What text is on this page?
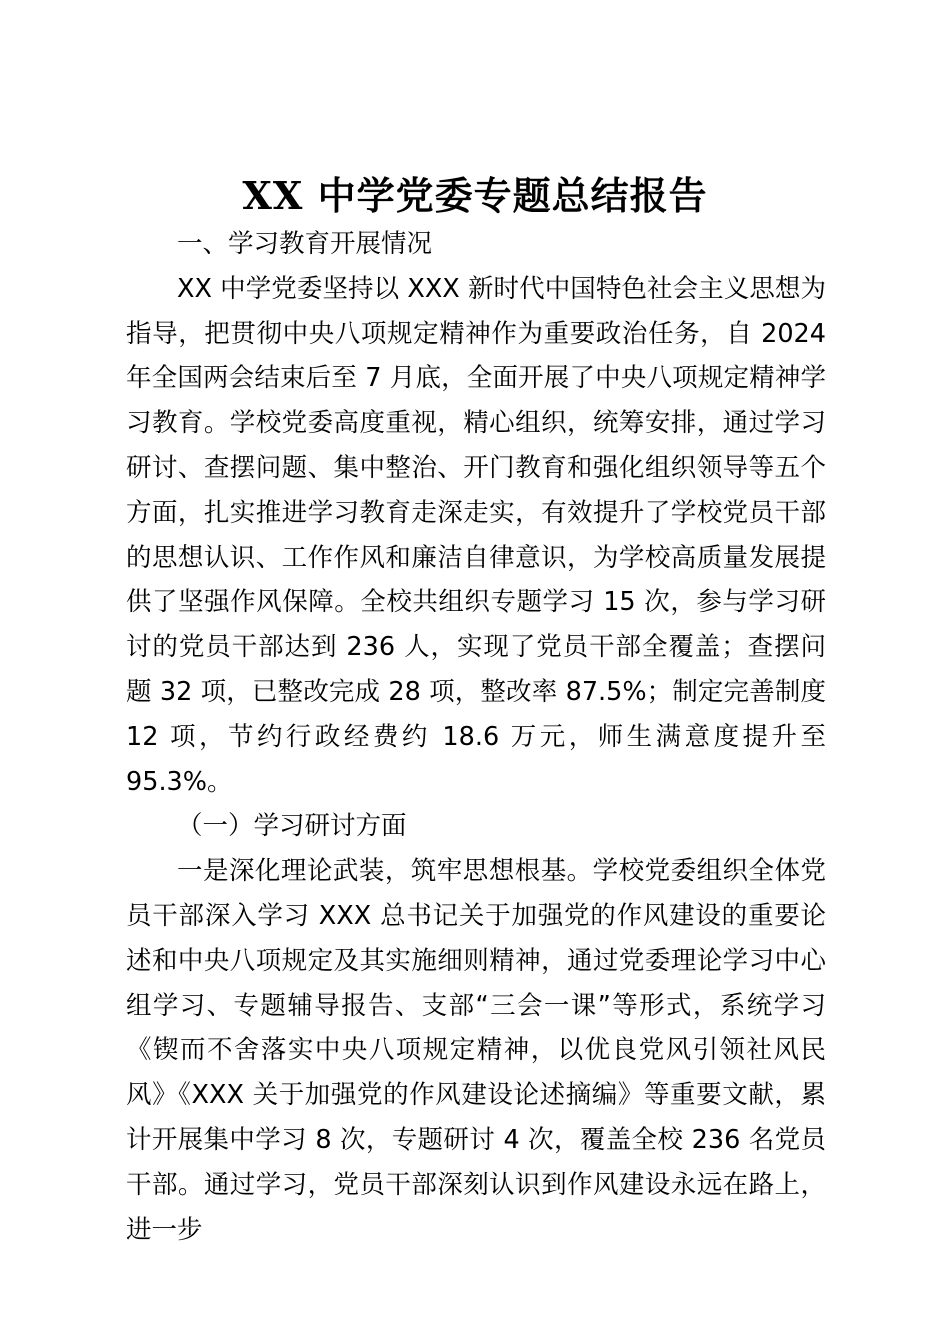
XX 中学党委专题总结报告

一、学习教育开展情况

XX 中学党委坚持以 XXX 新时代中国特色社会主义思想为指导，把贯彻中央八项规定精神作为重要政治任务，自 2024 年全国两会结束后至 7 月底，全面开展了中央八项规定精神学习教育。学校党委高度重视，精心组织，统筹安排，通过学习研讨、查摆问题、集中整治、开门教育和强化组织领导等五个方面，扎实推进学习教育走深走实，有效提升了学校党员干部的思想认识、工作作风和廉洁自律意识，为学校高质量发展提供了坚强作风保障。全校共组织专题学习 15 次，参与学习研讨的党员干部达到 236 人，实现了党员干部全覆盖；查摆问题 32 项，已整改完成 28 项，整改率 87.5%；制定完善制度 12 项，节约行政经费约 18.6 万元，师生满意度提升至 95.3%。

（一）学习研讨方面

一是深化理论武装，筑牢思想根基。学校党委组织全体党员干部深入学习 XXX 总书记关于加强党的作风建设的重要论述和中央八项规定及其实施细则精神，通过党委理论学习中心组学习、专题辅导报告、支部“三会一课”等形式，系统学习《锲而不舍落实中央八项规定精神，以优良党风引领社风民风》《XXX 关于加强党的作风建设论述摘编》等重要文献，累计开展集中学习 8 次，专题研讨 4 次，覆盖全校 236 名党员干部。通过学习，党员干部深刻认识到作风建设永远在路上，进一步
